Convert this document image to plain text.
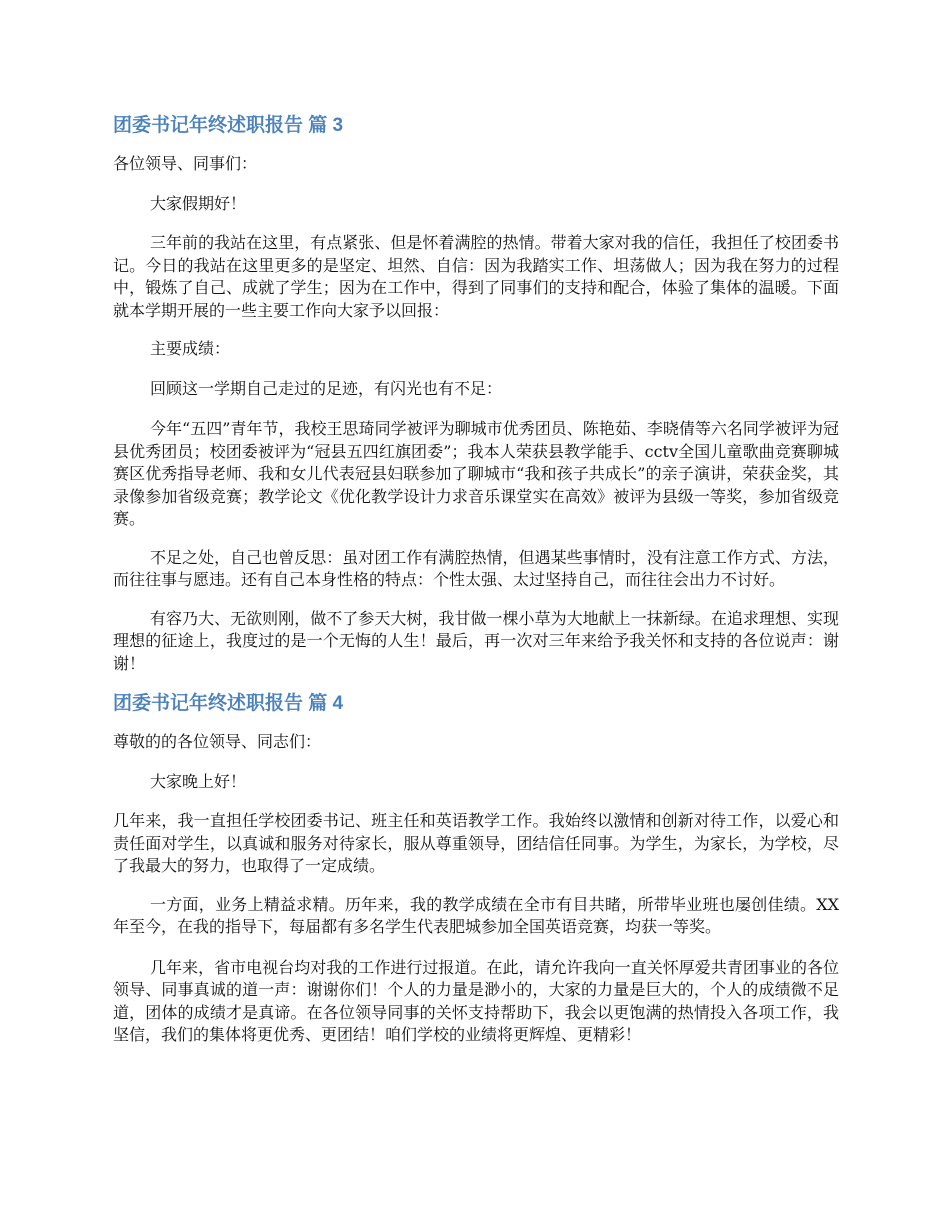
团委书记年终述职报告 篇 3

各位领导、同事们：

大家假期好！

三年前的我站在这里，有点紧张、但是怀着满腔的热情。带着大家对我的信任，我担任了校团委书记。今日的我站在这里更多的是坚定、坦然、自信：因为我踏实工作、坦荡做人；因为我在努力的过程中，锻炼了自己、成就了学生；因为在工作中，得到了同事们的支持和配合，体验了集体的温暖。下面就本学期开展的一些主要工作向大家予以回报：

主要成绩：

回顾这一学期自己走过的足迹，有闪光也有不足：

今年“五四”青年节，我校王思琦同学被评为聊城市优秀团员、陈艳茹、李晓倩等六名同学被评为冠县优秀团员；校团委被评为“冠县五四红旗团委”；我本人荣获县教学能手、cctv全国儿童歌曲竞赛聊城赛区优秀指导老师、我和女儿代表冠县妇联参加了聊城市“我和孩子共成长”的亲子演讲，荣获金奖，其录像参加省级竞赛；教学论文《优化教学设计力求音乐课堂实在高效》被评为县级一等奖，参加省级竞赛。

不足之处，自己也曾反思：虽对团工作有满腔热情，但遇某些事情时，没有注意工作方式、方法，而往往事与愿违。还有自己本身性格的特点：个性太强、太过坚持自己，而往往会出力不讨好。

有容乃大、无欲则刚，做不了参天大树，我甘做一棵小草为大地献上一抹新绿。在追求理想、实现理想的征途上，我度过的是一个无悔的人生！最后，再一次对三年来给予我关怀和支持的各位说声：谢谢！

团委书记年终述职报告 篇 4

尊敬的的各位领导、同志们：

大家晚上好！

几年来，我一直担任学校团委书记、班主任和英语教学工作。我始终以激情和创新对待工作，以爱心和责任面对学生，以真诚和服务对待家长，服从尊重领导，团结信任同事。为学生，为家长，为学校，尽了我最大的努力，也取得了一定成绩。

一方面，业务上精益求精。历年来，我的教学成绩在全市有目共睹，所带毕业班也屡创佳绩。XX年至今，在我的指导下，每届都有多名学生代表肥城参加全国英语竞赛，均获一等奖。

几年来，省市电视台均对我的工作进行过报道。在此，请允许我向一直关怀厚爱共青团事业的各位领导、同事真诚的道一声：谢谢你们！个人的力量是渺小的，大家的力量是巨大的，个人的成绩微不足道，团体的成绩才是真谛。在各位领导同事的关怀支持帮助下，我会以更饱满的热情投入各项工作，我坚信，我们的集体将更优秀、更团结！咱们学校的业绩将更辉煌、更精彩！
